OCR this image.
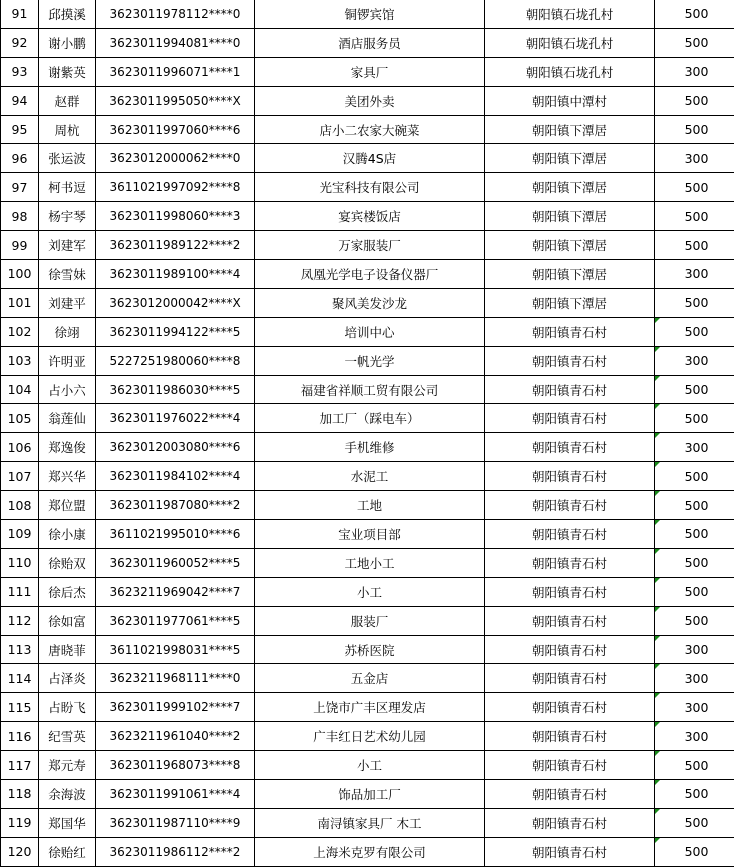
91	邱摸溪	3623011978112****0	铜锣宾馆	朝阳镇石垅孔村	500
92	谢小鹏	3623011994081****0	酒店服务员	朝阳镇石垅孔村	500
93	谢紫英	3623011996071****1	家具厂	朝阳镇石垅孔村	300
94	赵群	3623011995050****X	美团外卖	朝阳镇中潭村	500
95	周杭	3623011997060****6	店小二农家大碗菜	朝阳镇下潭居	500
96	张运波	3623012000062****0	汉腾4S店	朝阳镇下潭居	300
97	柯书逗	3611021997092****8	光宝科技有限公司	朝阳镇下潭居	500
98	杨宇琴	3623011998060****3	宴宾楼饭店	朝阳镇下潭居	500
99	刘建军	3623011989122****2	万家服装厂	朝阳镇下潭居	500
100	徐雪妹	3623011989100****4	凤凰光学电子设备仪器厂	朝阳镇下潭居	300
101	刘建平	3623012000042****X	聚风美发沙龙	朝阳镇下潭居	500
102	徐翊	3623011994122****5	培训中心	朝阳镇青石村	500
103	许明亚	5227251980060****8	一帆光学	朝阳镇青石村	300
104	占小六	3623011986030****5	福建省祥顺工贸有限公司	朝阳镇青石村	500
105	翁莲仙	3623011976022****4	加工厂（踩电车）	朝阳镇青石村	500
106	郑逸俊	3623012003080****6	手机维修	朝阳镇青石村	300
107	郑兴华	3623011984102****4	水泥工	朝阳镇青石村	500
108	郑位盟	3623011987080****2	工地	朝阳镇青石村	500
109	徐小康	3611021995010****6	宝业项目部	朝阳镇青石村	500
110	徐贻双	3623011960052****5	工地小工	朝阳镇青石村	500
111	徐后杰	3623211969042****7	小工	朝阳镇青石村	500
112	徐如富	3623011977061****5	服装厂	朝阳镇青石村	500
113	唐晓菲	3611021998031****5	苏桥医院	朝阳镇青石村	300
114	占泽炎	3623211968111****0	五金店	朝阳镇青石村	300
115	占盼飞	3623011999102****7	上饶市广丰区理发店	朝阳镇青石村	300
116	纪雪英	3623211961040****2	广丰红日艺术幼儿园	朝阳镇青石村	300
117	郑元寿	3623011968073****8	小工	朝阳镇青石村	500
118	余海波	3623011991061****4	饰品加工厂	朝阳镇青石村	500
119	郑国华	3623011987110****9	南浔镇家具厂 木工	朝阳镇青石村	500
120	徐贻红	3623011986112****2	上海米克罗有限公司	朝阳镇青石村	500
